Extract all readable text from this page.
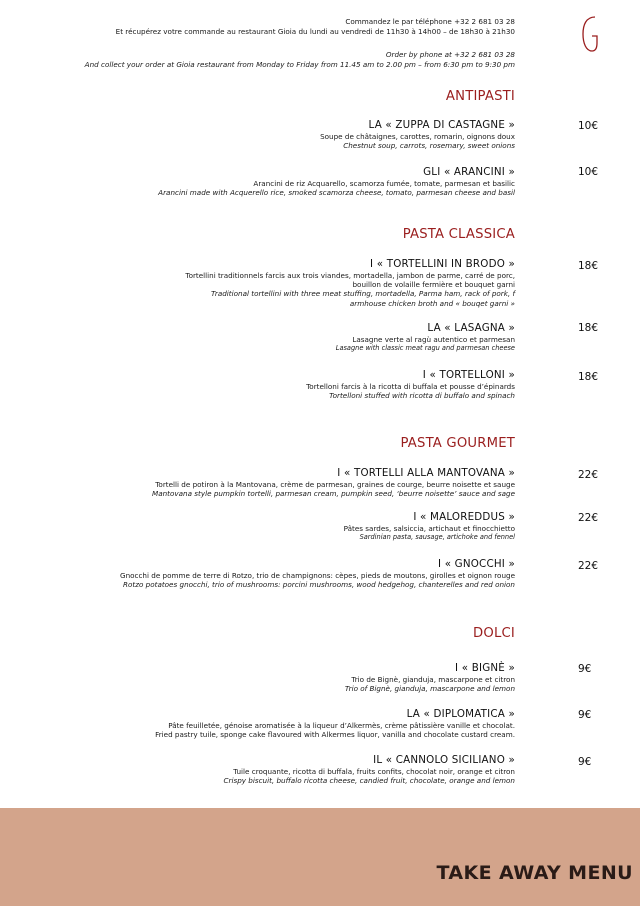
Commandez le par téléphone +32 2 681 03 28
Et récupérez votre commande au restaurant Gioia du lundi au vendredi de 11h30 à 14h00 – de 18h30 à 21h30
Order by phone at +32 2 681 03 28
And collect your order at Gioia restaurant from Monday to Friday from 11.45 am to 2.00 pm – from 6:30 pm to 9:30 pm
ANTIPASTI
LA « ZUPPA DI CASTAGNE »
Soupe de châtaignes, carottes, romarin, oignons doux
Chestnut soup, carrots, rosemary, sweet onions
10€
GLI « ARANCINI »
Arancini de riz Acquarello, scamorza fumée, tomate, parmesan et basilic
Arancini made with Acquerello rice, smoked scamorza cheese, tomato, parmesan cheese and basil
10€
PASTA CLASSICA
I « TORTELLINI IN BRODO »
Tortellini traditionnels farcis aux trois viandes, mortadella, jambon de parme, carré de porc,
bouillon de volaille fermière et bouquet garni
Traditional tortellini with three meat stuffing, mortadella, Parma ham, rack of pork, f
armhouse chicken broth and « bouqet garni »
18€
LA « LASAGNA »
Lasagne verte al ragù autentico et parmesan
Lasagne with classic meat ragu and parmesan cheese
18€
I « TORTELLONI »
Tortelloni farcis à la ricotta di buffala et pousse d’épinards
Tortelloni stuffed with ricotta di buffalo and spinach
18€
PASTA GOURMET
I « TORTELLI ALLA MANTOVANA »
Tortelli de potiron à la Mantovana, crème de parmesan, graines de courge, beurre noisette et sauge
Mantovana style pumpkin tortelli, parmesan cream, pumpkin seed, ‘beurre noisette’ sauce and sage
22€
I « MALOREDDUS »
Pâtes sardes, salsiccia, artichaut et finocchietto
Sardinian pasta, sausage, artichoke and fennel
22€
I « GNOCCHI »
Gnocchi de pomme de terre di Rotzo, trio de champignons: cèpes, pieds de moutons, girolles et oignon rouge
Rotzo potatoes gnocchi, trio of mushrooms: porcini mushrooms, wood hedgehog, chanterelles and red onion
22€
DOLCI
I « BIGNÈ »
Trio de Bignè, gianduja, mascarpone et citron
Trio of Bignè, gianduja, mascarpone and lemon
9€
LA « DIPLOMATICA »
Pâte feuilletée, génoise aromatisée à la liqueur d’Alkermès, crème pâtissière vanille et chocolat.
Fried pastry tuile, sponge cake flavoured with Alkermes liquor, vanilla and chocolate custard cream.
9€
IL « CANNOLO SICILIANO »
Tuile croquante, ricotta di buffala, fruits confits, chocolat noir, orange et citron
Crispy biscuit, buffalo ricotta cheese, candied fruit, chocolate, orange and lemon
9€
TAKE AWAY MENU
